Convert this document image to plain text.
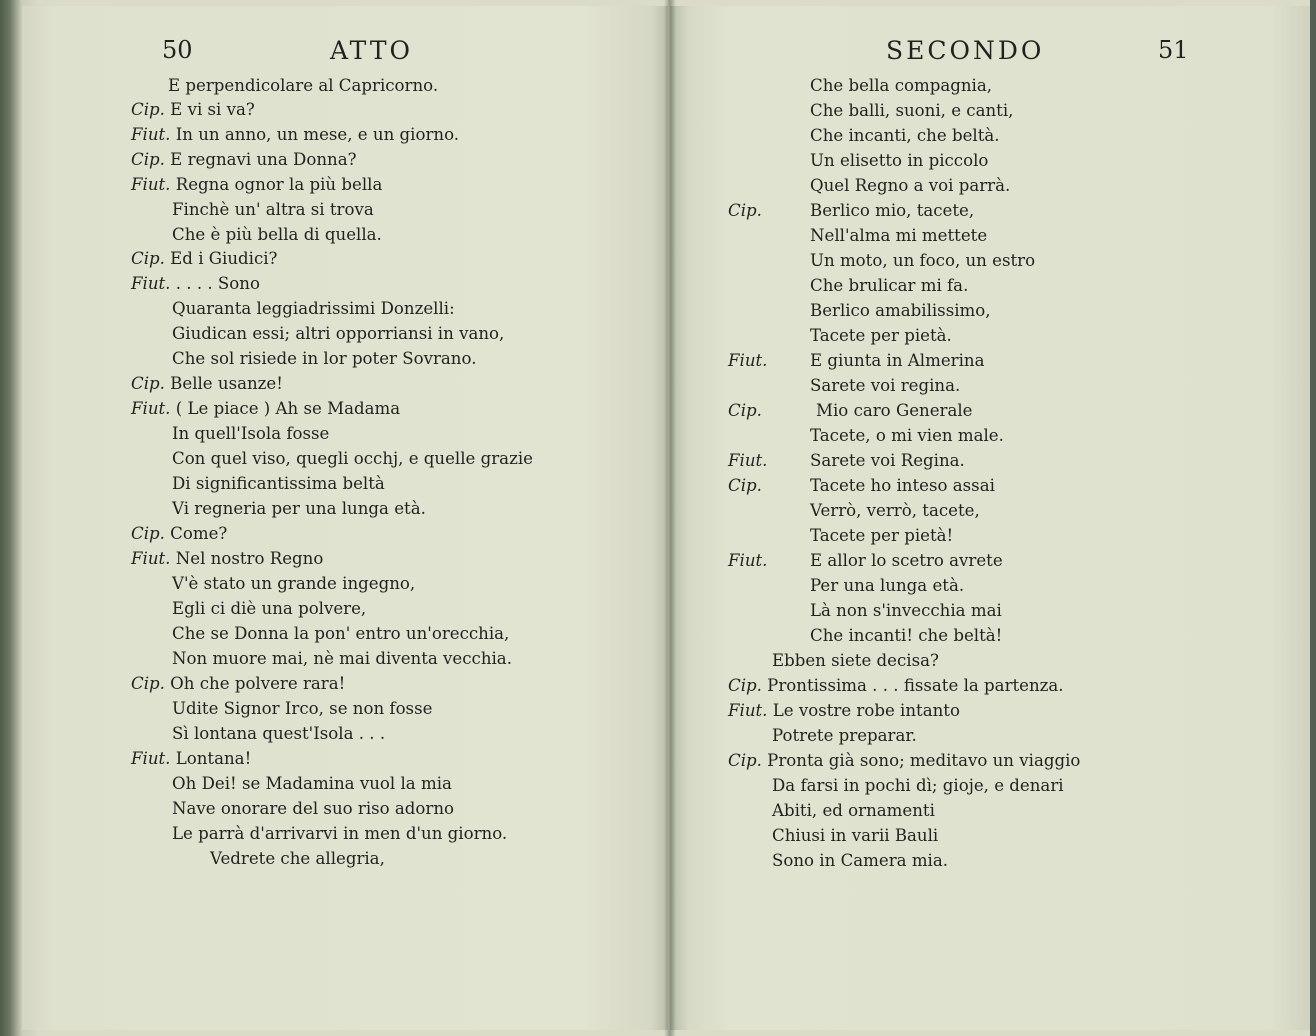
50	ATTO
E perpendicolare al Capricorno.
Cip. E vi si va?
Fiut. In un anno, un mese, e un giorno.
Cip. E regnavi una Donna?
Fiut. Regna ognor la più bella
Finchè un' altra si trova
Che è più bella di quella.
Cip. Ed i Giudici?
Fiut. . . . . Sono
Quaranta leggiadrissimi Donzelli:
Giudican essi; altri opporriansi in vano,
Che sol risiede in lor poter Sovrano.
Cip. Belle usanze!
Fiut. ( Le piace ) Ah se Madama
In quell'Isola fosse
Con quel viso, quegli occhj, e quelle grazie
Di significantissima beltà
Vi regneria per una lunga età.
Cip. Come?
Fiut. Nel nostro Regno
V'è stato un grande ingegno,
Egli ci diè una polvere,
Che se Donna la pon' entro un'orecchia,
Non muore mai, nè mai diventa vecchia.
Cip. Oh che polvere rara!
Udite Signor Irco, se non fosse
Sì lontana quest'Isola . . .
Fiut. Lontana!
Oh Dei! se Madamina vuol la mia
Nave onorare del suo riso adorno
Le parrà d'arrivarvi in men d'un giorno.
Vedrete che allegria,
SECONDO	51
Che bella compagnia,
Che balli, suoni, e canti,
Che incanti, che beltà.
Un elisetto in piccolo
Quel Regno a voi parrà.
Cip.	Berlico mio, tacete,
Nell'alma mi mettete
Un moto, un foco, un estro
Che brulicar mi fa.
Berlico amabilissimo,
Tacete per pietà.
Fiut.	E giunta in Almerina
Sarete voi regina.
Cip.	Mio caro Generale
Tacete, o mi vien male.
Fiut.	Sarete voi Regina.
Cip.	Tacete ho inteso assai
Verrò, verrò, tacete,
Tacete per pietà!
Fiut.	E allor lo scetro avrete
Per una lunga età.
Là non s'invecchia mai
Che incanti! che beltà!
Ebben siete decisa?
Cip. Prontissima . . . fissate la partenza.
Fiut. Le vostre robe intanto
Potrete preparar.
Cip. Pronta già sono; meditavo un viaggio
Da farsi in pochi dì; gioje, e denari
Abiti, ed ornamenti
Chiusi in varii Bauli
Sono in Camera mia.
